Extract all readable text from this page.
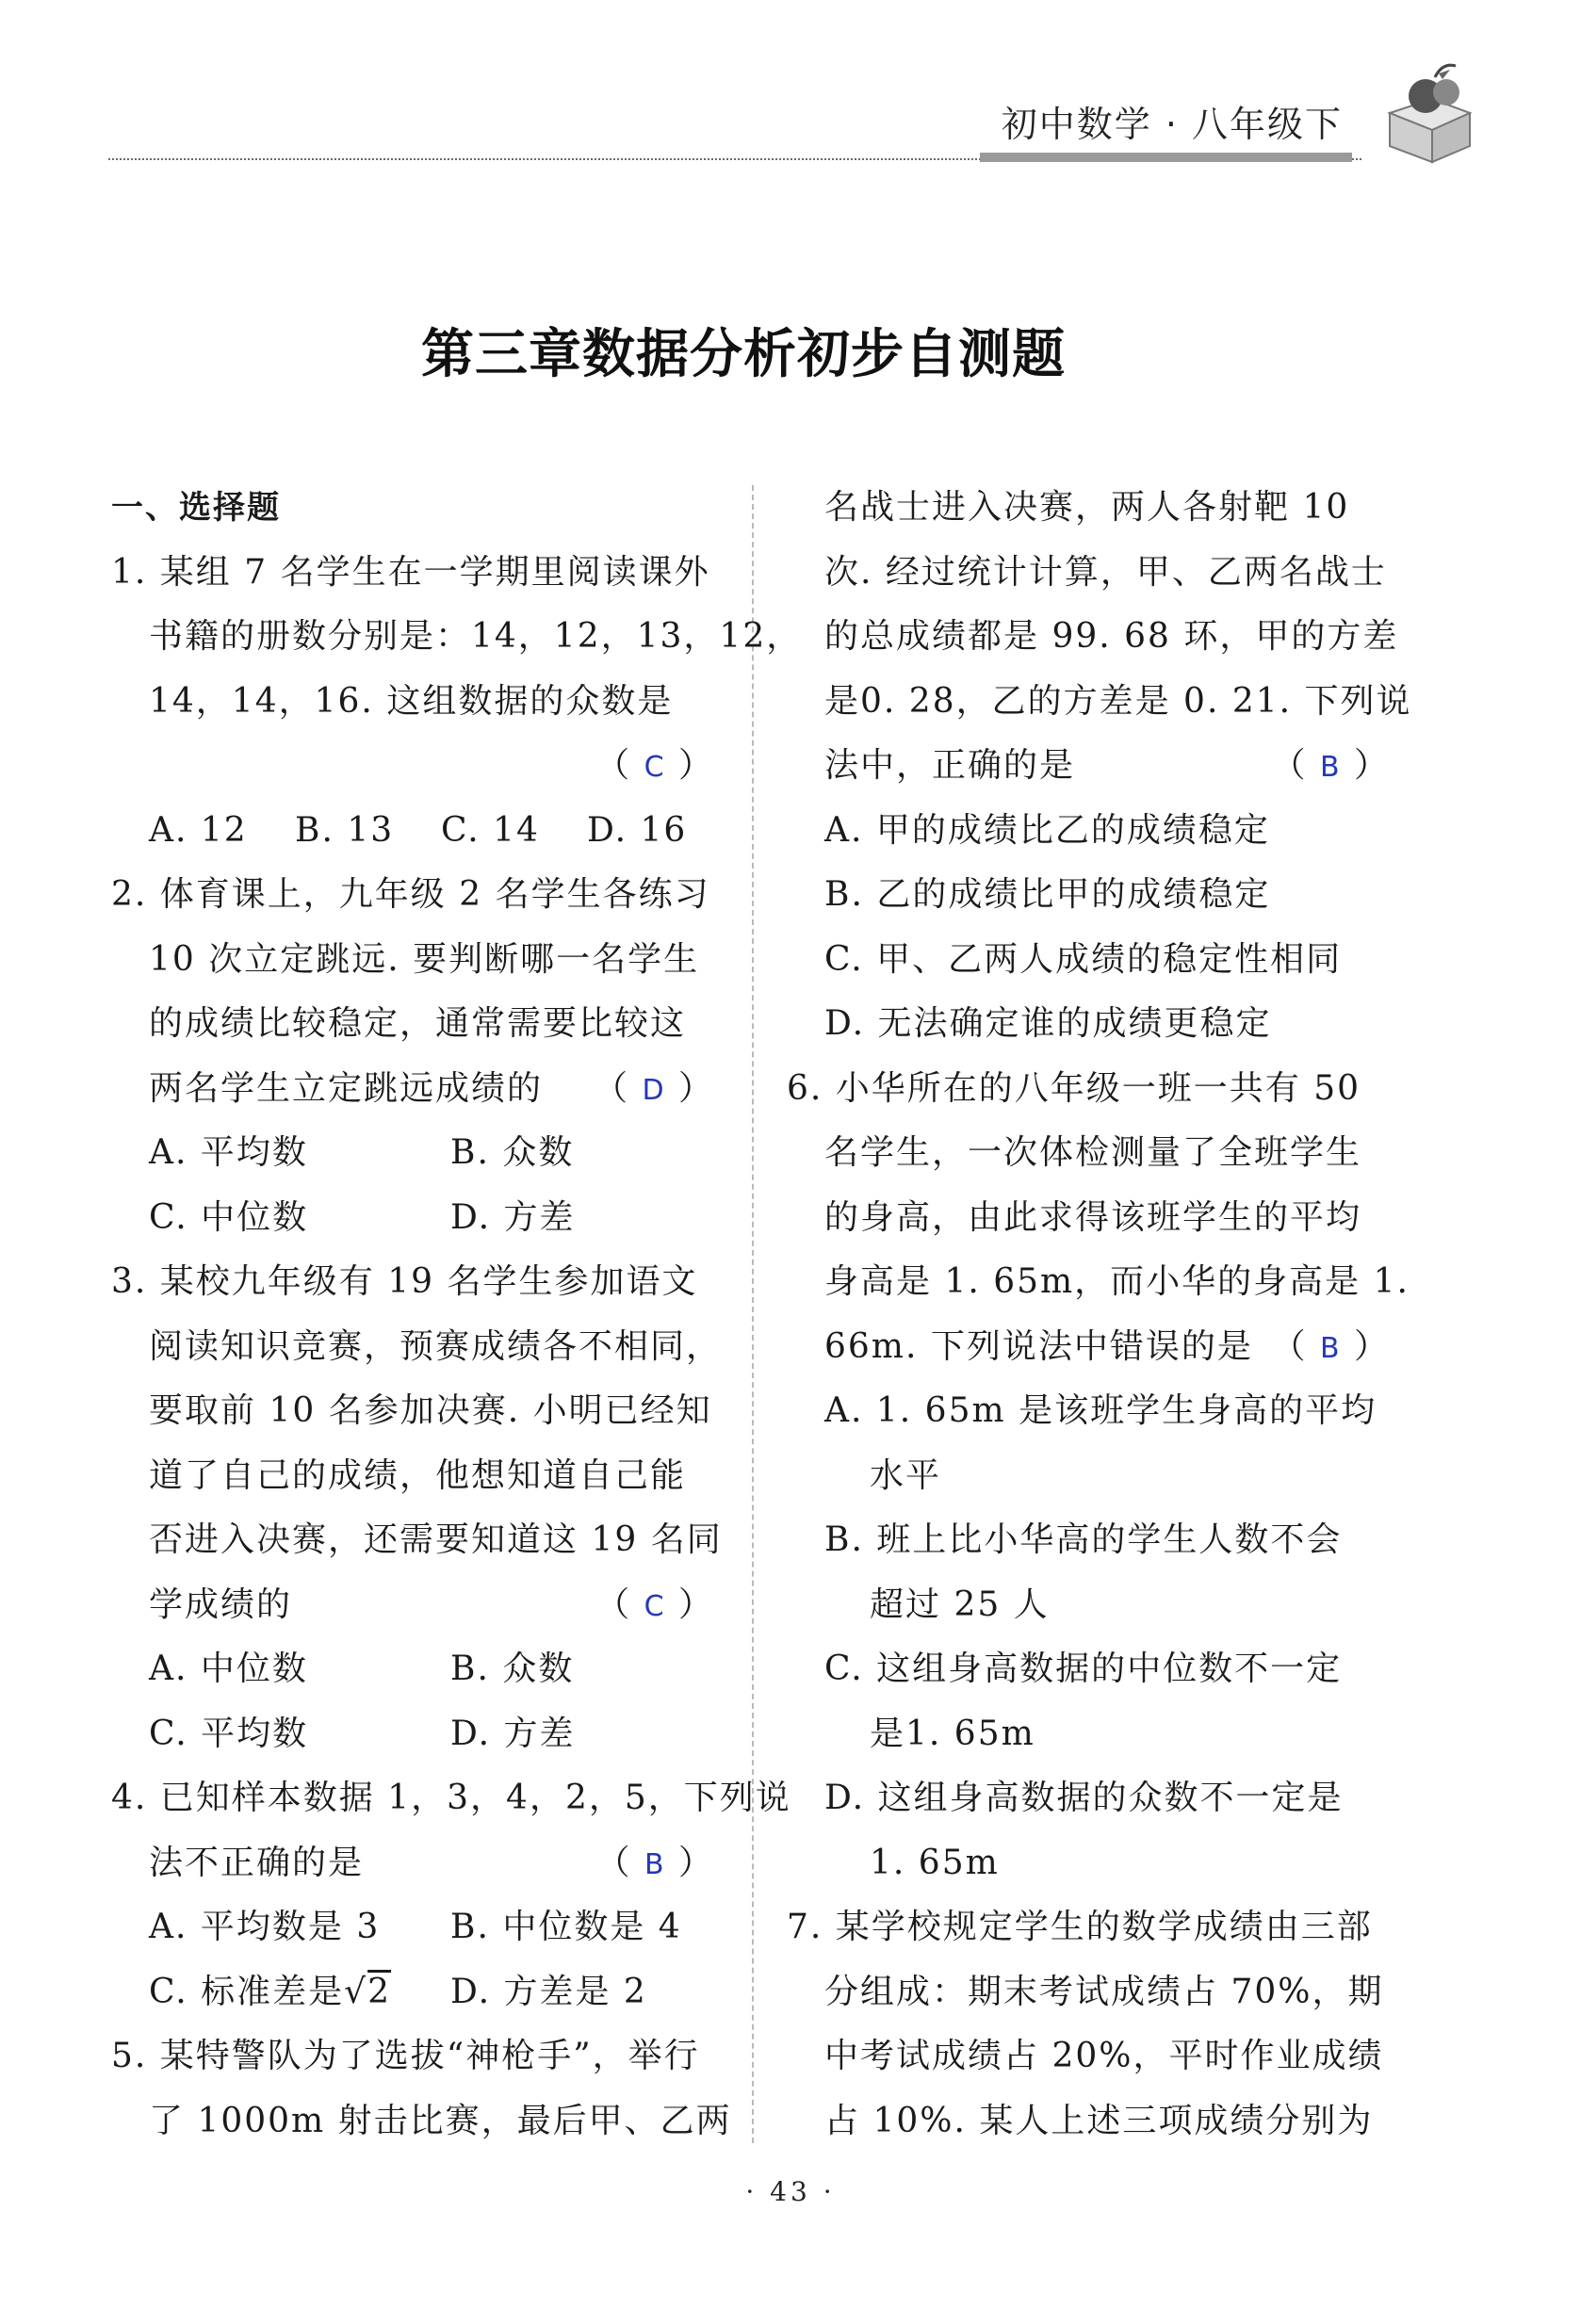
初中数学 · 八年级下
第三章数据分析初步自测题
一、选择题
1. 某组 7 名学生在一学期里阅读课外
书籍的册数分别是：14，12，13，12，
14，14，16. 这组数据的众数是
（ C ）
A. 12 B. 13 C. 14 D. 16
2. 体育课上，九年级 2 名学生各练习
10 次立定跳远. 要判断哪一名学生
的成绩比较稳定，通常需要比较这
两名学生立定跳远成绩的 （ D ）
A. 平均数	B. 众数
C. 中位数	D. 方差
3. 某校九年级有 19 名学生参加语文
阅读知识竞赛，预赛成绩各不相同，
要取前 10 名参加决赛. 小明已经知
道了自己的成绩，他想知道自己能
否进入决赛，还需要知道这 19 名同
学成绩的	（ C ）
A. 中位数	B. 众数
C. 平均数	D. 方差
4. 已知样本数据 1，3，4，2，5，下列说
法不正确的是	（ B ）
A. 平均数是 3 B. 中位数是 4
C. 标准差是√2 D. 方差是 2
5. 某特警队为了选拔“神枪手”，举行
了 1000m 射击比赛，最后甲、乙两
名战士进入决赛，两人各射靶 10
次. 经过统计计算，甲、乙两名战士
的总成绩都是 99. 68 环，甲的方差
是0. 28，乙的方差是 0. 21. 下列说
法中，正确的是	（ B ）
A. 甲的成绩比乙的成绩稳定
B. 乙的成绩比甲的成绩稳定
C. 甲、乙两人成绩的稳定性相同
D. 无法确定谁的成绩更稳定
6. 小华所在的八年级一班一共有 50
名学生，一次体检测量了全班学生
的身高，由此求得该班学生的平均
身高是 1. 65m，而小华的身高是 1.
66m. 下列说法中错误的是 （ B ）
A. 1. 65m 是该班学生身高的平均
水平
B. 班上比小华高的学生人数不会
超过 25 人
C. 这组身高数据的中位数不一定
是1. 65m
D. 这组身高数据的众数不一定是
1. 65m
7. 某学校规定学生的数学成绩由三部
分组成：期末考试成绩占 70%，期
中考试成绩占 20%，平时作业成绩
占 10%. 某人上述三项成绩分别为
· 43 ·
